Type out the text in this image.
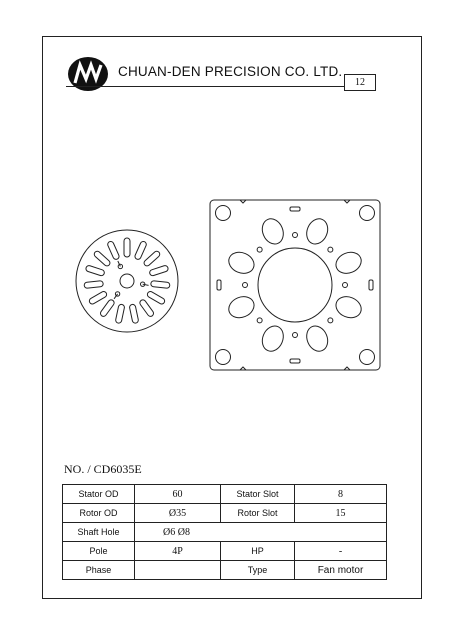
CHUAN-DEN PRECISION CO. LTD.
12
NO. / CD6035E
Stator OD	60	Stator Slot	8
Rotor OD	Ø35	Rotor Slot	15
Shaft Hole	Ø6 Ø8		
Pole	4P	HP	-
Phase		Type	Fan motor
